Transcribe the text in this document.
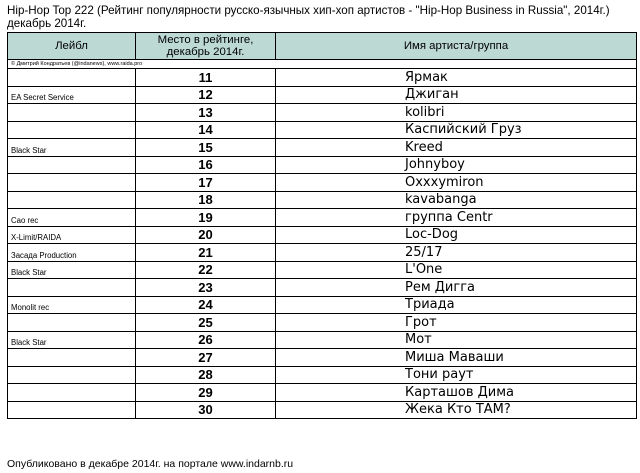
Hip-Hop Top 222 (Рейтинг популярности русско-язычных хип-хоп артистов - "Hip-Hop Business in Russia", 2014г.) декабрь 2014г.
Лейбл	Место в рейтинге, декабрь 2014г.	Имя артиста/группа
© Дмитрий Кондратьев (@indanews), www.raida.pro		
	11	Ярмак
EA Secret Service	12	Джиган
	13	kolibri
	14	Каспийский Груз
Black Star	15	Kreed
	16	Johnyboy
	17	Oxxxymiron
	18	kavabanga
Cao rec	19	группа Centr
X-Limit/RAIDA	20	Loc-Dog
Засада Production	21	25/17
Black Star	22	L'One
	23	Рем Дигга
Monolit rec	24	Триада
	25	Грот
Black Star	26	Мот
	27	Миша Маваши
	28	Тони раут
	29	Карташов Дима
	30	Жека Кто ТАМ?
Опубликовано в декабре 2014г. на портале www.indarnb.ru
